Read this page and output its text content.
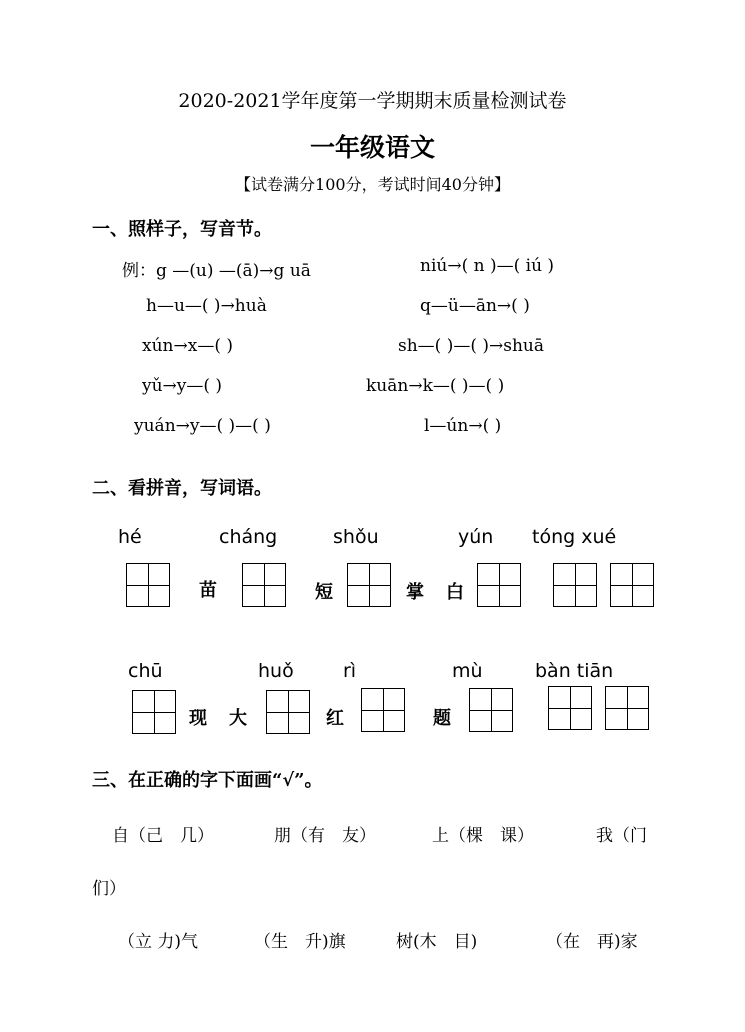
2020-2021学年度第一学期期末质量检测试卷
一年级语文
【试卷满分100分，考试时间40分钟】
一、照样子，写音节。
例：g —(u) —(ā)→g uā	niú→( n )—( iú )
h—u—( )→huà	q—ü—ān→( )
xún→x—( )	sh—( )—( )→shuā
yǔ→y—( )	kuān→k—( )—( )
yuán→y—( )—( )	l—ún→( )
二、看拼音，写词语。
hé	cháng	shǒu	yún tóng xué
苗	短	掌 白
chū	huǒ	rì	mù	bàn tiān
现 大	红	题
三、在正确的字下面画“√”。
自（己　几）	朋（有　友）	上（棵　课）	我（门
们）
（立 力)气	（生　升)旗	树(木　目)	（在　再)家
